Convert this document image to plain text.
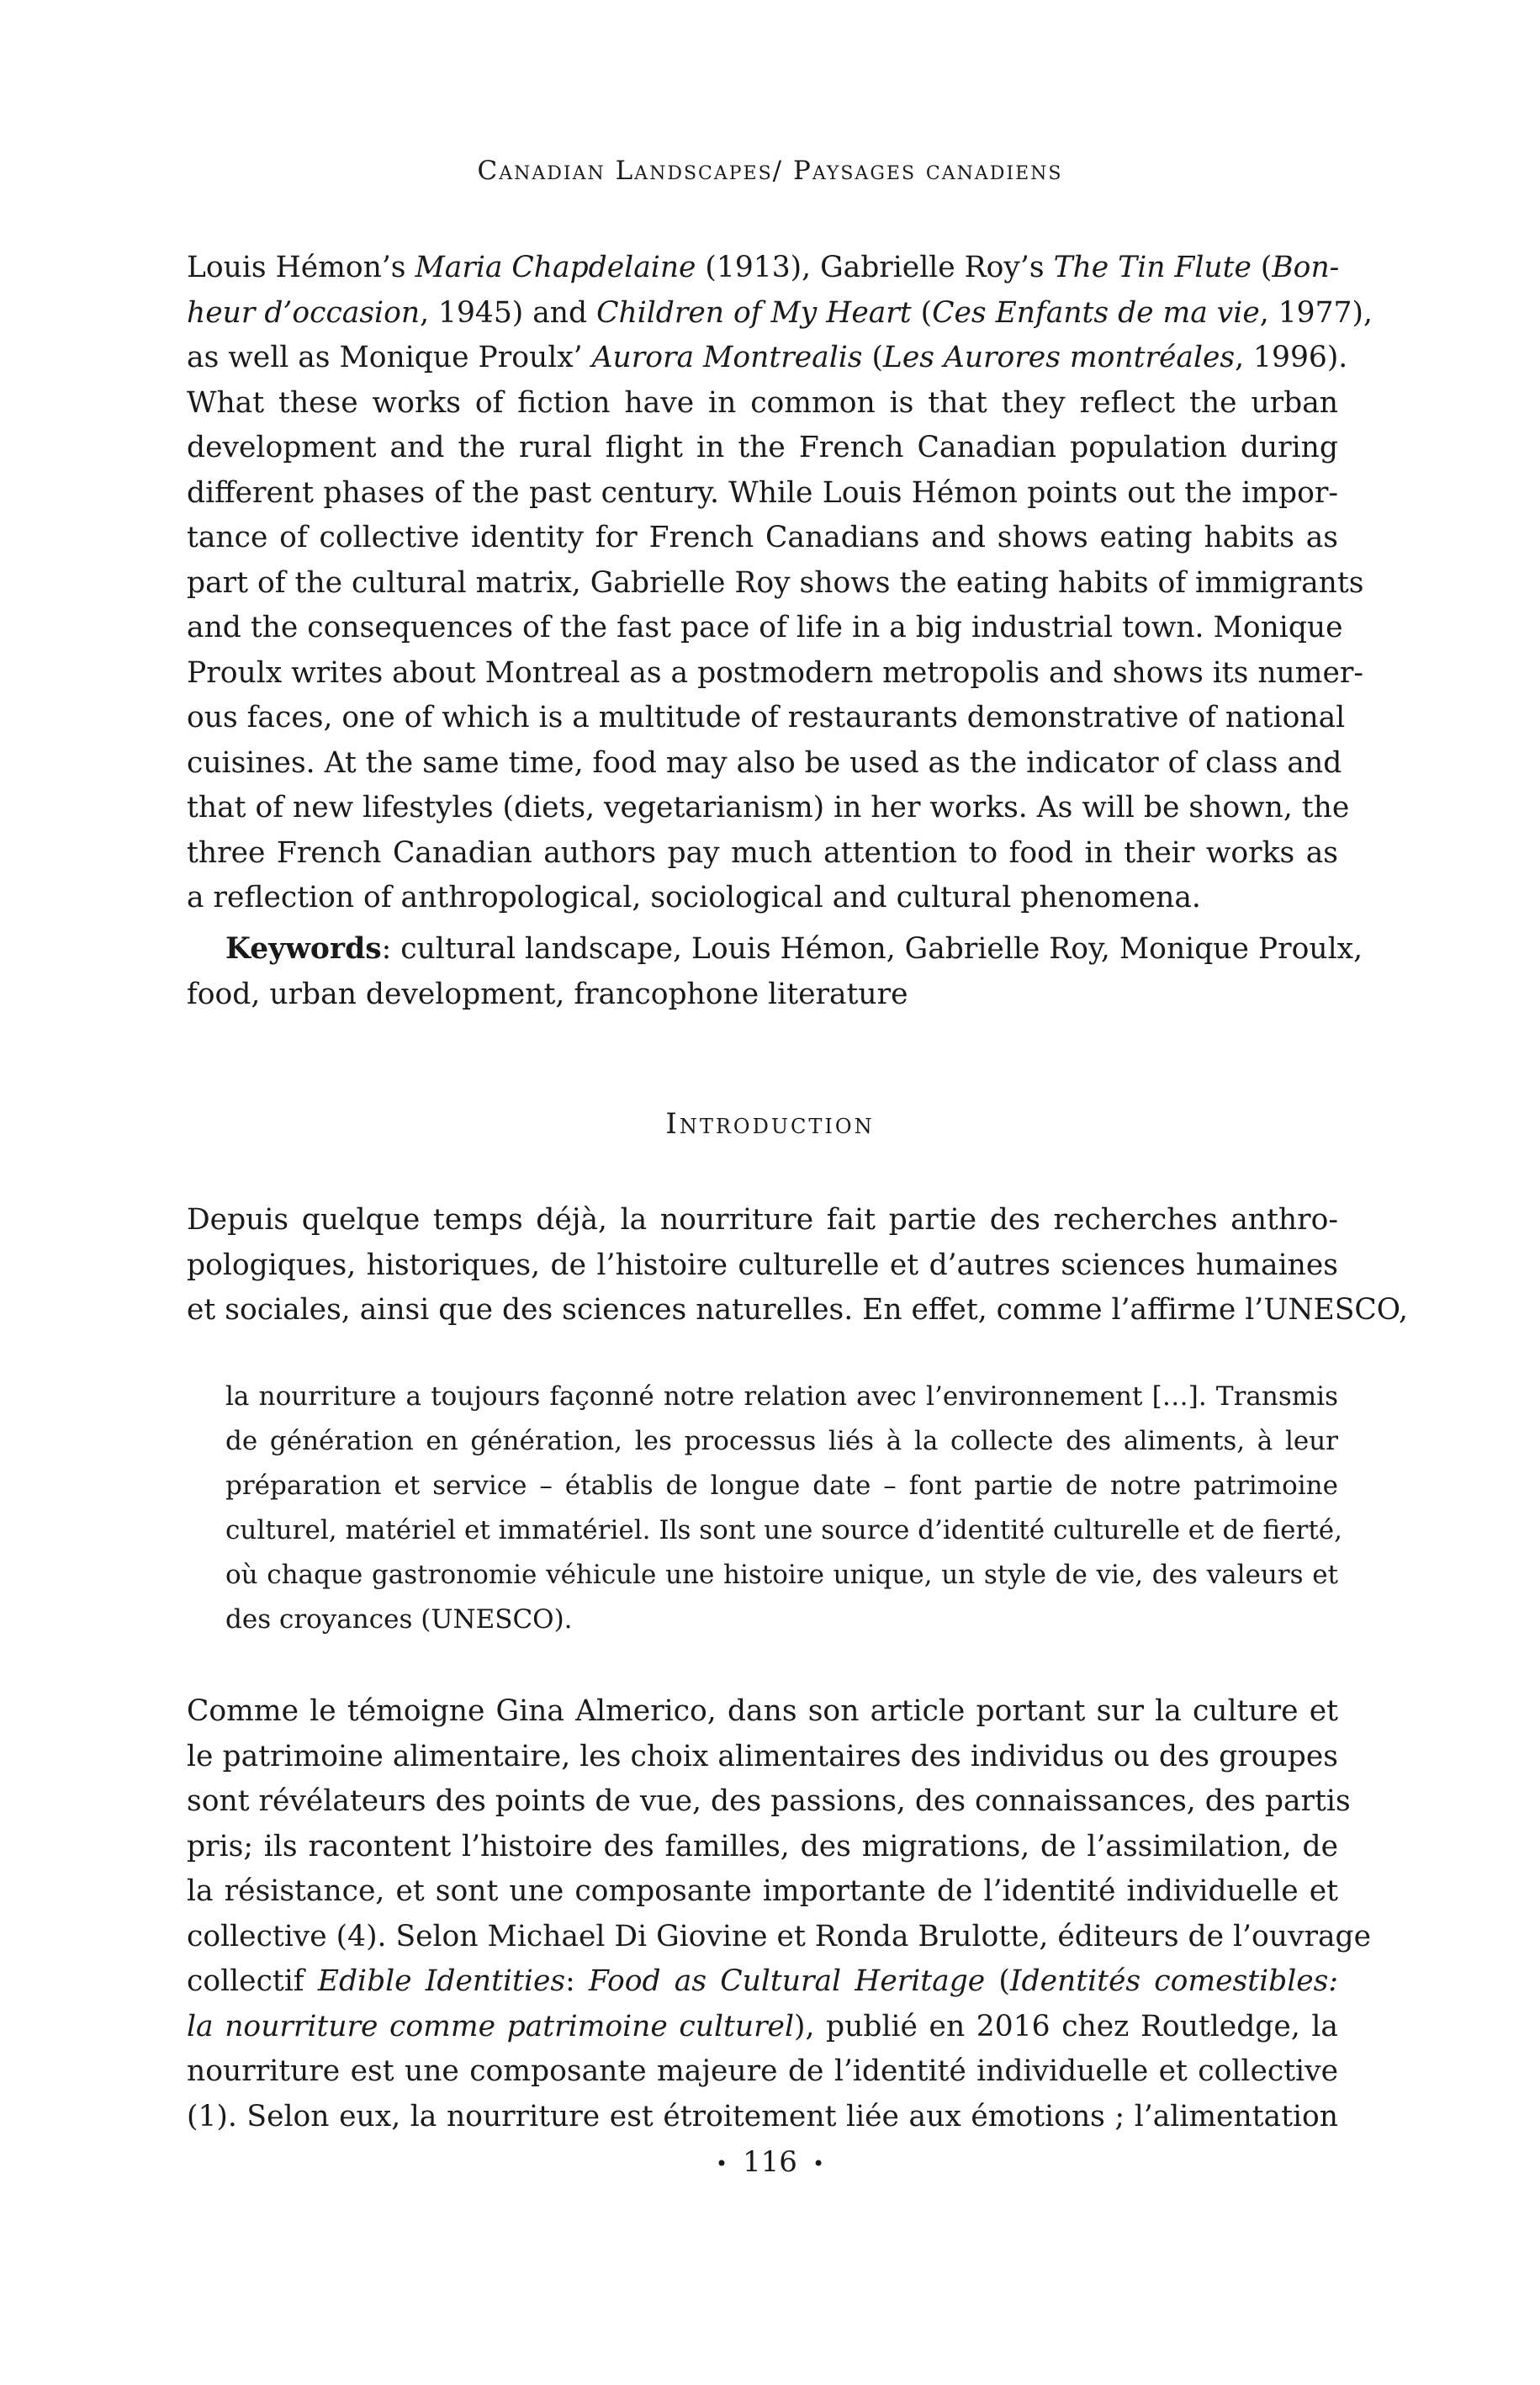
Canadian Landscapes/ Paysages canadiens
Louis Hémon’s Maria Chapdelaine (1913), Gabrielle Roy’s The Tin Flute (Bon-
heur d’occasion, 1945) and Children of My Heart (Ces Enfants de ma vie, 1977),
as well as Monique Proulx’ Aurora Montrealis (Les Aurores montréales, 1996).
What these works of fiction have in common is that they reflect the urban
development and the rural flight in the French Canadian population during
different phases of the past century. While Louis Hémon points out the impor-
tance of collective identity for French Canadians and shows eating habits as
part of the cultural matrix, Gabrielle Roy shows the eating habits of immigrants
and the consequences of the fast pace of life in a big industrial town. Monique
Proulx writes about Montreal as a postmodern metropolis and shows its numer-
ous faces, one of which is a multitude of restaurants demonstrative of national
cuisines. At the same time, food may also be used as the indicator of class and
that of new lifestyles (diets, vegetarianism) in her works. As will be shown, the
three French Canadian authors pay much attention to food in their works as
a reflection of anthropological, sociological and cultural phenomena.
Keywords: cultural landscape, Louis Hémon, Gabrielle Roy, Monique Proulx,
food, urban development, francophone literature
Introduction
Depuis quelque temps déjà, la nourriture fait partie des recherches anthro-
pologiques, historiques, de l’histoire culturelle et d’autres sciences humaines
et sociales, ainsi que des sciences naturelles. En effet, comme l’affirme l’UNESCO,
la nourriture a toujours façonné notre relation avec l’environnement […]. Transmis
de génération en génération, les processus liés à la collecte des aliments, à leur
préparation et service – établis de longue date – font partie de notre patrimoine
culturel, matériel et immatériel. Ils sont une source d’identité culturelle et de fierté,
où chaque gastronomie véhicule une histoire unique, un style de vie, des valeurs et
des croyances (UNESCO).
Comme le témoigne Gina Almerico, dans son article portant sur la culture et
le patrimoine alimentaire, les choix alimentaires des individus ou des groupes
sont révélateurs des points de vue, des passions, des connaissances, des partis
pris; ils racontent l’histoire des familles, des migrations, de l’assimilation, de
la résistance, et sont une composante importante de l’identité individuelle et
collective (4). Selon Michael Di Giovine et Ronda Brulotte, éditeurs de l’ouvrage
collectif Edible Identities: Food as Cultural Heritage (Identités comestibles:
la nourriture comme patrimoine culturel), publié en 2016 chez Routledge, la
nourriture est une composante majeure de l’identité individuelle et collective
(1). Selon eux, la nourriture est étroitement liée aux émotions ; l’alimentation
• 116 •
